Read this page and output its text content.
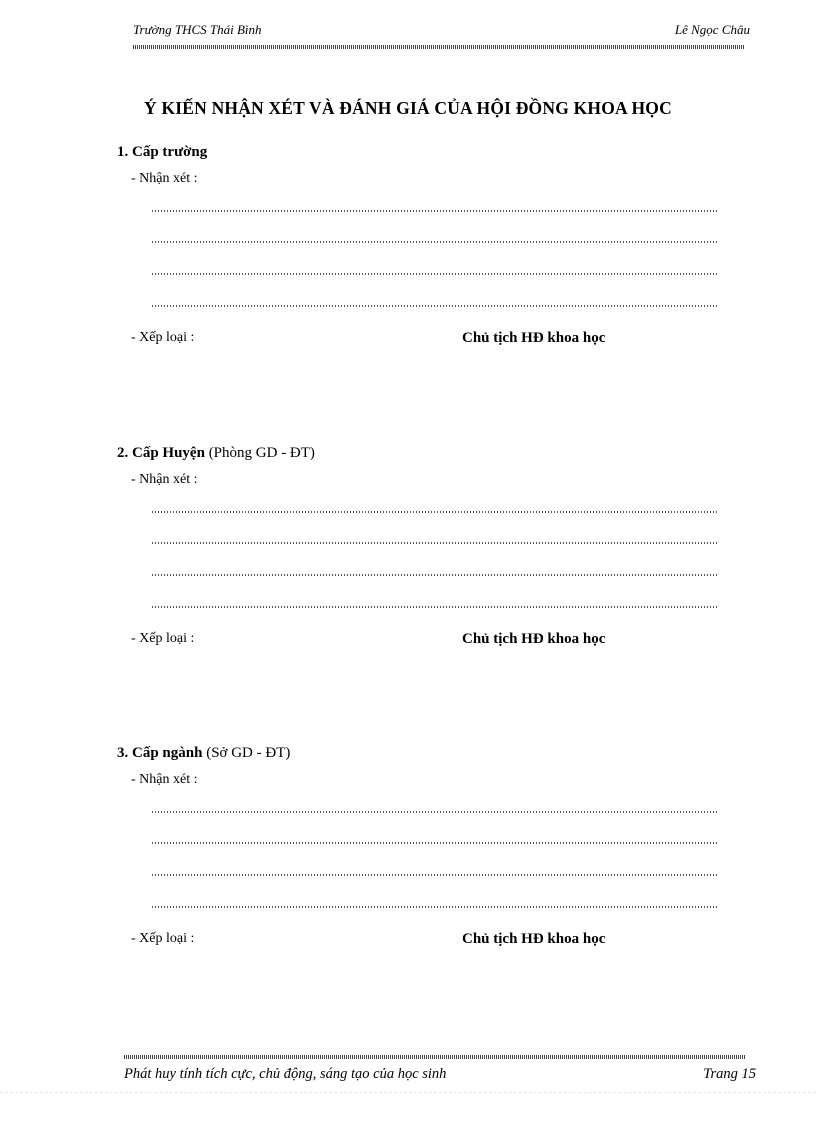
Trường THCS Thái Bình	Lê Ngọc Châu
Ý KIẾN NHẬN XÉT VÀ ĐÁNH GIÁ CỦA HỘI ĐỒNG KHOA HỌC
1. Cấp trường
- Nhận xét :
- Xếp loại :	Chủ tịch HĐ khoa học
2. Cấp Huyện (Phòng GD - ĐT)
- Nhận xét :
- Xếp loại :	Chủ tịch HĐ khoa học
3. Cấp ngành (Sở GD - ĐT)
- Nhận xét :
- Xếp loại :	Chủ tịch HĐ khoa học
Phát huy tính tích cực, chủ động, sáng tạo của học sinh	Trang 15
